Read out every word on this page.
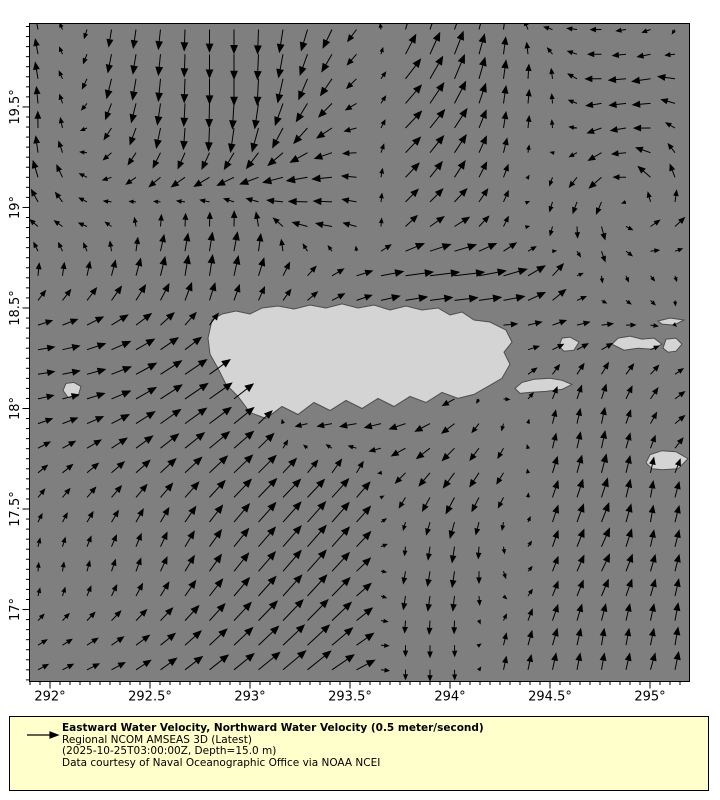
292°	292.5°	293°	293.5°	294°	294.5°	295°
19.5°
19°
18.5°
18°
17.5°
17°
Eastward Water Velocity, Northward Water Velocity (0.5 meter/second)
Regional NCOM AMSEAS 3D (Latest)
(2025-10-25T03:00:00Z, Depth=15.0 m)
Data courtesy of Naval Oceanographic Office via NOAA NCEI
